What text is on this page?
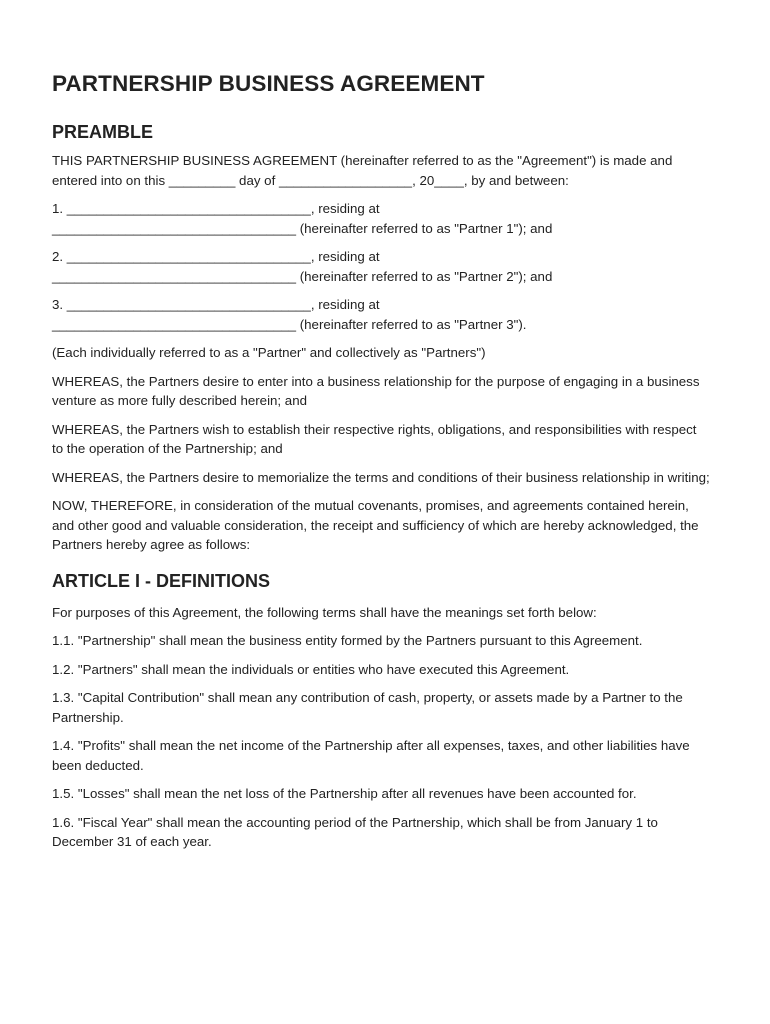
PARTNERSHIP BUSINESS AGREEMENT
PREAMBLE

THIS PARTNERSHIP BUSINESS AGREEMENT (hereinafter referred to as the "Agreement") is made and entered into on this _________ day of __________________, 20____, by and between:

1. _________________________________, residing at
_________________________________ (hereinafter referred to as "Partner 1"); and

2. _________________________________, residing at
_________________________________ (hereinafter referred to as "Partner 2"); and

3. _________________________________, residing at
_________________________________ (hereinafter referred to as "Partner 3").

(Each individually referred to as a "Partner" and collectively as "Partners")

WHEREAS, the Partners desire to enter into a business relationship for the purpose of engaging in a business venture as more fully described herein; and

WHEREAS, the Partners wish to establish their respective rights, obligations, and responsibilities with respect to the operation of the Partnership; and

WHEREAS, the Partners desire to memorialize the terms and conditions of their business relationship in writing;

NOW, THEREFORE, in consideration of the mutual covenants, promises, and agreements contained herein, and other good and valuable consideration, the receipt and sufficiency of which are hereby acknowledged, the Partners hereby agree as follows:

ARTICLE I - DEFINITIONS

For purposes of this Agreement, the following terms shall have the meanings set forth below:

1.1. "Partnership" shall mean the business entity formed by the Partners pursuant to this Agreement.

1.2. "Partners" shall mean the individuals or entities who have executed this Agreement.

1.3. "Capital Contribution" shall mean any contribution of cash, property, or assets made by a Partner to the Partnership.

1.4. "Profits" shall mean the net income of the Partnership after all expenses, taxes, and other liabilities have been deducted.

1.5. "Losses" shall mean the net loss of the Partnership after all revenues have been accounted for.

1.6. "Fiscal Year" shall mean the accounting period of the Partnership, which shall be from January 1 to December 31 of each year.
